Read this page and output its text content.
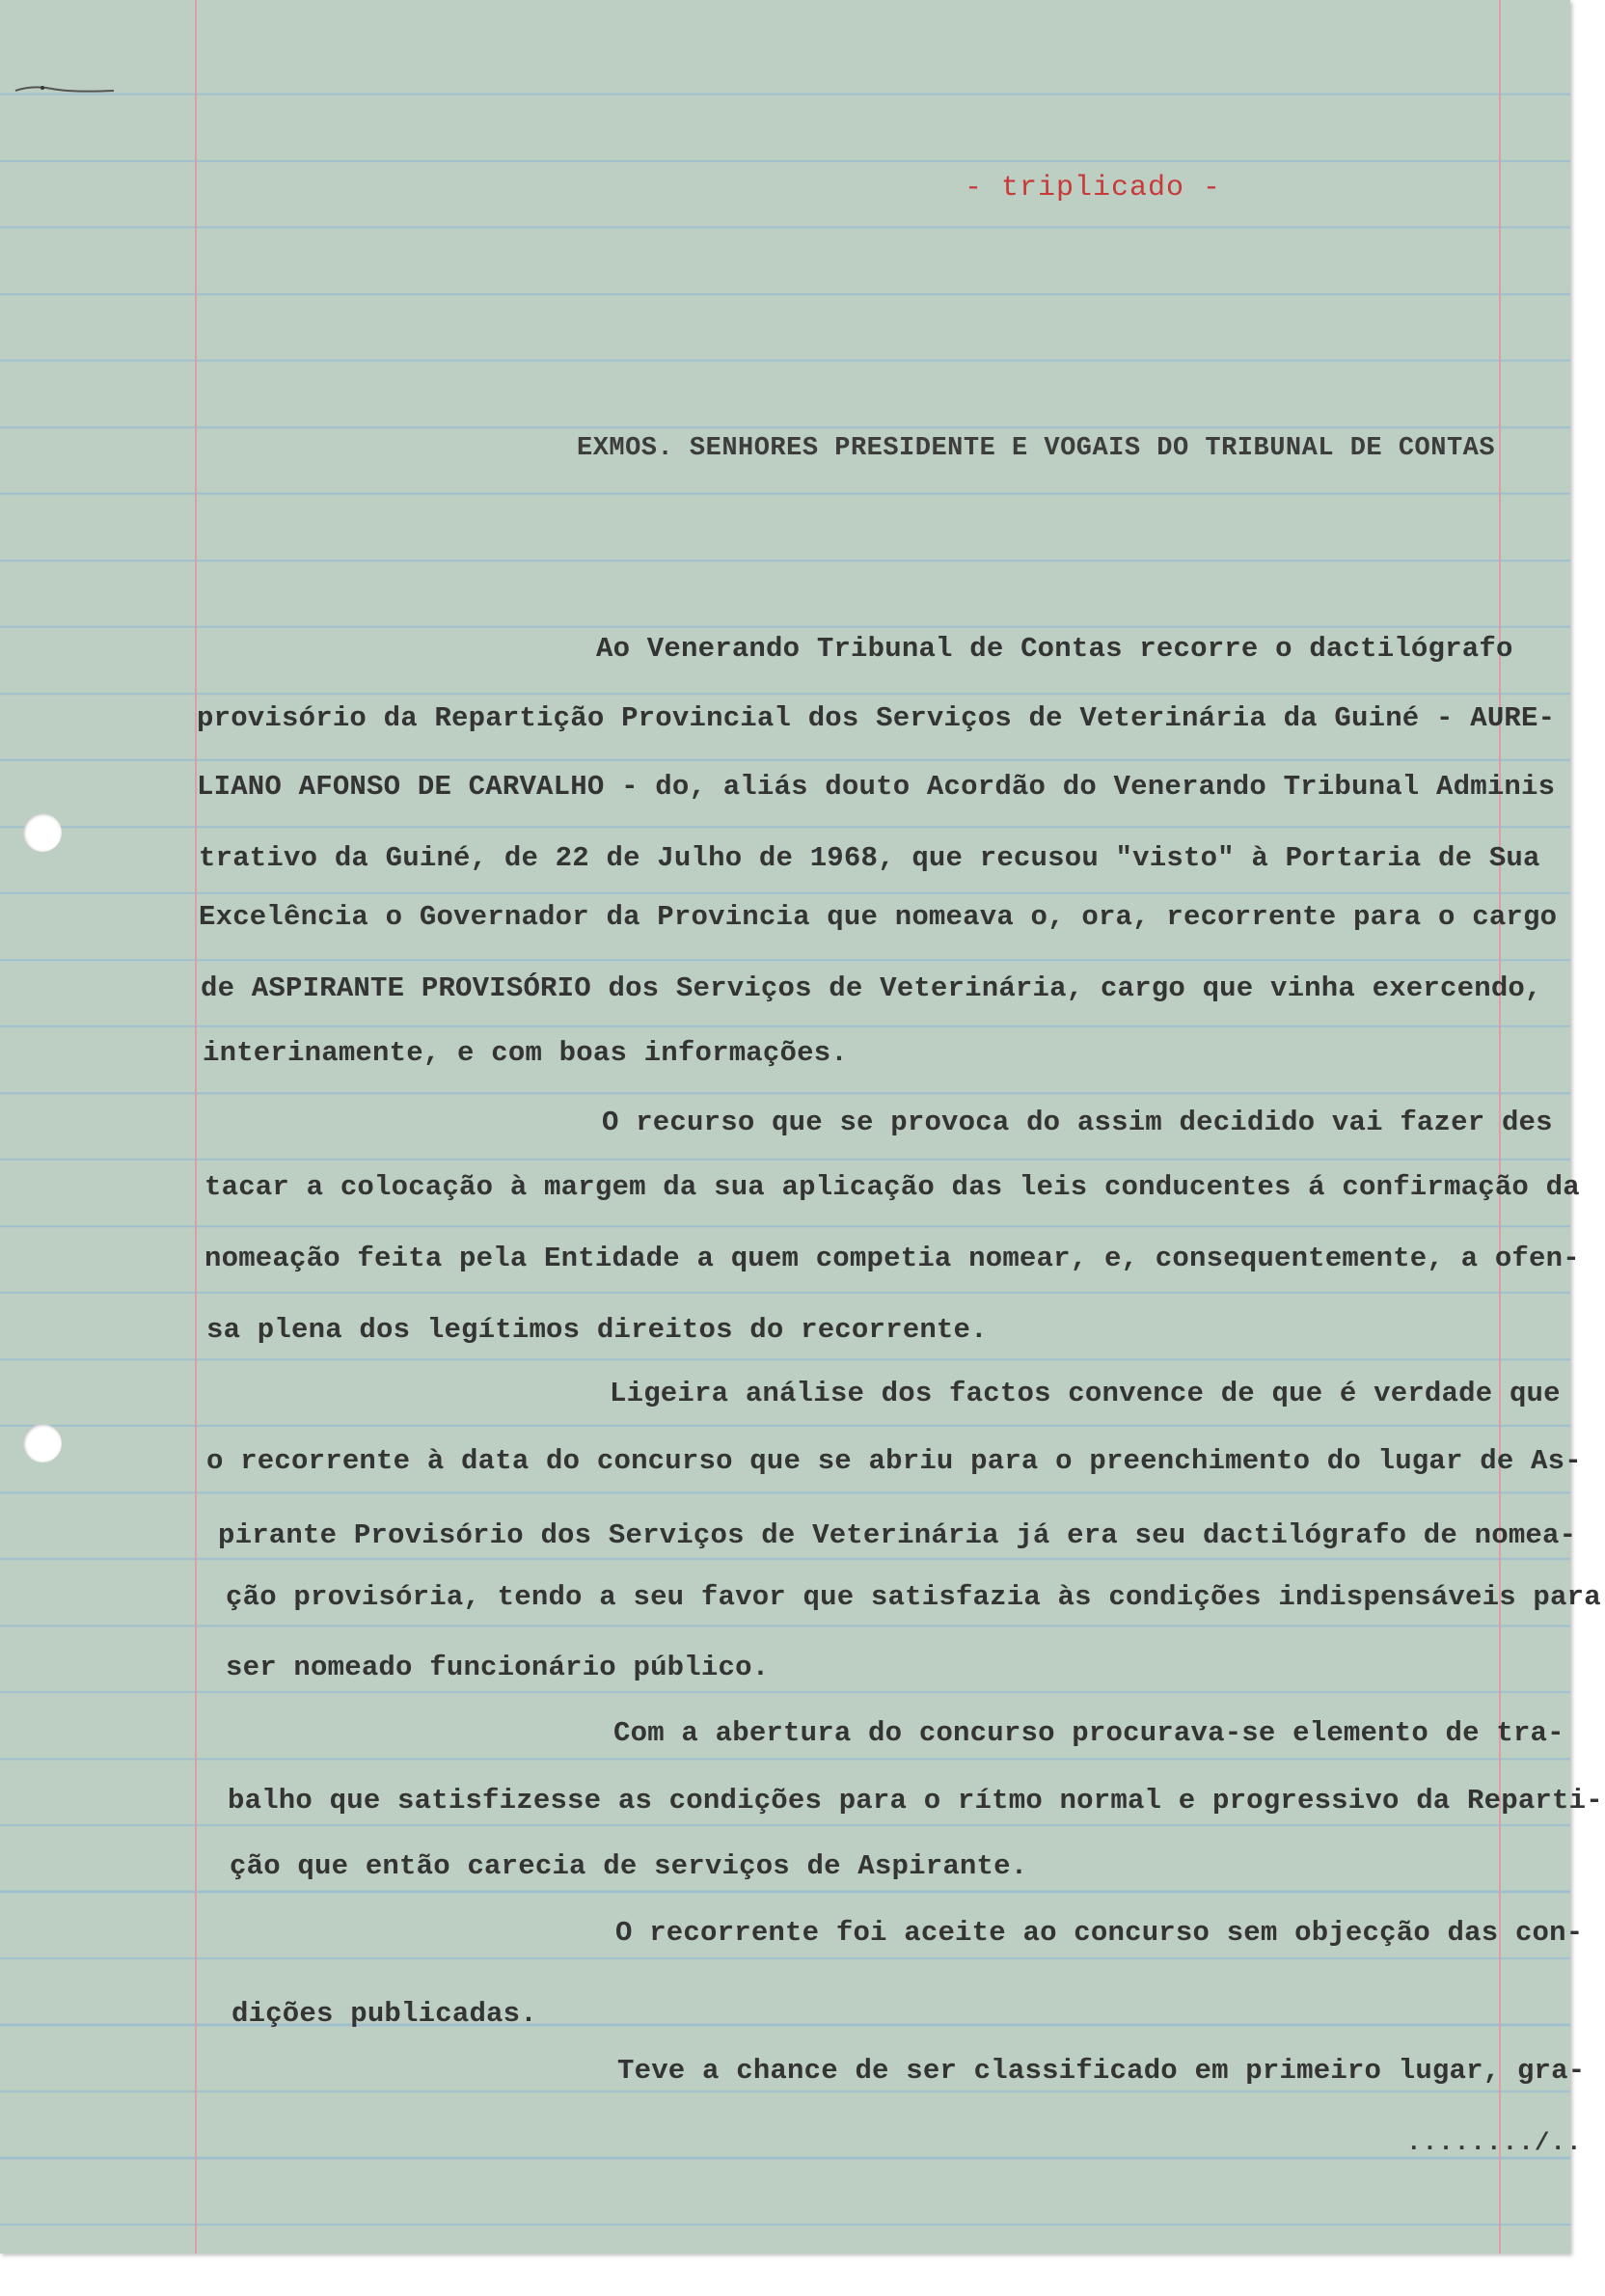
- triplicado -
EXMOS. SENHORES PRESIDENTE E VOGAIS DO TRIBUNAL DE CONTAS
Ao Venerando Tribunal de Contas recorre o dactilógrafo
provisório da Repartição Provincial dos Serviços de Veterinária da Guiné - AURE-
LIANO AFONSO DE CARVALHO - do, aliás douto Acordão do Venerando Tribunal Adminis
trativo da Guiné, de 22 de Julho de 1968, que recusou "visto" à Portaria de Sua
Excelência o Governador da Provincia que nomeava o, ora, recorrente para o cargo
de ASPIRANTE PROVISÓRIO dos Serviços de Veterinária, cargo que vinha exercendo,
interinamente, e com boas informações.
O recurso que se provoca do assim decidido vai fazer des
tacar a colocação à margem da sua aplicação das leis conducentes á confirmação da
nomeação feita pela Entidade a quem competia nomear, e, consequentemente, a ofen-
sa plena dos legítimos direitos do recorrente.
Ligeira análise dos factos convence de que é verdade que
o recorrente à data do concurso que se abriu para o preenchimento do lugar de As-
pirante Provisório dos Serviços de Veterinária já era seu dactilógrafo de nomea-
ção provisória, tendo a seu favor que satisfazia às condições indispensáveis para
ser nomeado funcionário público.
Com a abertura do concurso procurava-se elemento de tra-
balho que satisfizesse as condições para o rítmo normal e progressivo da Reparti-
ção que então carecia de serviços de Aspirante.
O recorrente foi aceite ao concurso sem objecção das con-
dições publicadas.
Teve a chance de ser classificado em primeiro lugar, gra-
......../..
